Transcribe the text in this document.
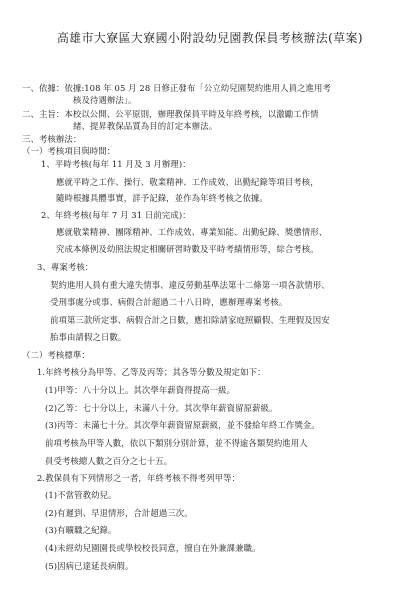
高雄市大寮區大寮國小附設幼兒園教保員考核辦法(草案)
一、依據：依據:108 年 05 月 28 日修正發布「公立幼兒園契約進用人員之進用考
核及待遇辦法」。
二、主旨：本校以公開、公平原則，辦理教保員平時及年終考核，以激勵工作情
緒、提昇教保品質為目的訂定本辦法。
三、考核辦法：
（一）考核項目與時間：
1、平時考核(每年 11 月及 3 月辦理)：
應就平時之工作、操行、敬業精神、工作成效、出勤紀錄等項目考核，
隨時根據具體事實，詳予記錄，並作為年終考核之依據。
2、年終考核(每年 7 月 31 日前完成)：
應就敬業精神、團隊精神、工作成效、專業知能、出勤紀錄、獎懲情形、
究成本條例及幼照法規定相關研習時數及平時考績情形等，綜合考核。
3、專案考核：
契約進用人員有重大違失情事、違反勞動基準法第十二條第一項各款情形、
受刑事處分或事、病假合計超過二十八日時，應辦理專案考核。
前項第三款所定事、病假合計之日數，應扣除請家庭照顧假、生理假及因安
胎事由請假之日數。
（二）考核標準：
1.年終考核分為甲等、乙等及丙等；其各等分數及規定如下：
(1)甲等：八十分以上。其次學年薪資得提高一級。
(2)乙等：七十分以上，未滿八十分。其次學年薪資留原薪級。
(3)丙等：未滿七十分。其次學年薪資留原薪級，並不發給年終工作獎金。
前項考核為甲等人數，依以下類別分別計算，並不得逾各類契約進用人
員受考核總人數之百分之七十五。
2.教保員有下列情形之一者，年終考核不得考列甲等：
(1)不當管教幼兒。
(2)有遲到、早退情形，合計超過三次。
(3)有曠職之紀錄。
(4)未經幼兒園園長或學校校長同意，擅自在外兼課兼職。
(5)因病已達延長病假。
